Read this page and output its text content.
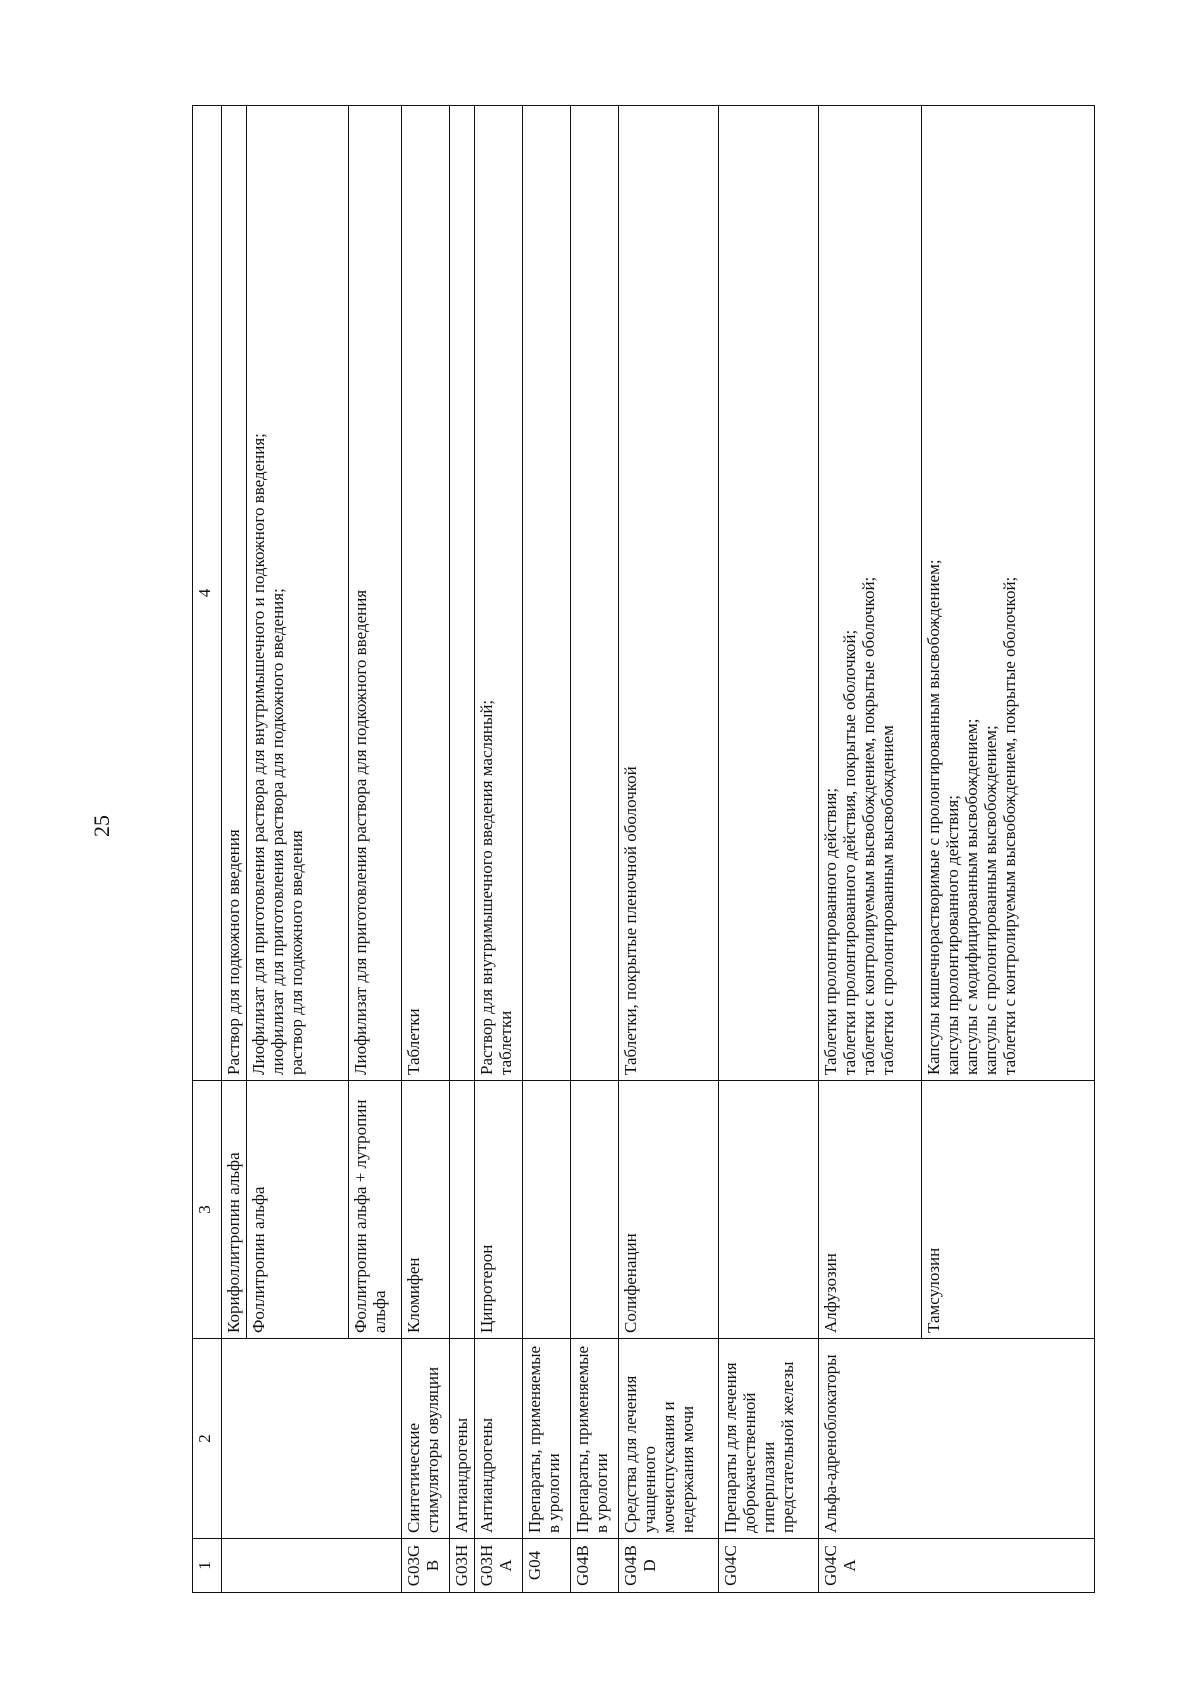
25
1	2	3	4
		Корифоллитропин альфа	Раствор для подкожного введения

		Фоллитропин альфа	Лиофилизат для приготовления раствора для внутримышечного и подкожного введения; лиофилизат для приготовления раствора для подкожного введения; раствор для подкожного введения

		Фоллитропин альфа + лутропин альфа	Лиофилизат для приготовления раствора для подкожного введения

G03GB	Синтетические стимуляторы овуляции	Кломифен	Таблетки

G03H	Антиандрогены		
G03HA	Антиандрогены	Ципротерон	Раствор для внутримышечного введения масляный; таблетки

G04	Препараты, применяемые в урологии		
G04B	Препараты, применяемые в урологии		
G04BD	Средства для лечения учащенного мочеиспускания и недержания мочи	Солифенацин	Таблетки, покрытые пленочной оболочкой

G04C	Препараты для лечения доброкачественной гиперплазии предстательной железы		
G04CA	Альфа-адреноблокаторы	Алфузозин	Таблетки пролонгированного действия; таблетки пролонгированного действия, покрытые оболочкой; таблетки с контролируемым высвобождением, покрытые оболочкой; таблетки с пролонгированным высвобождением

		Тамсулозин	Капсулы кишечнорастворимые с пролонгированным высвобождением; капсулы пролонгированного действия; капсулы с модифицированным высвобождением; капсулы с пролонгированным высвобождением; таблетки с контролируемым высвобождением, покрытые оболочкой;
